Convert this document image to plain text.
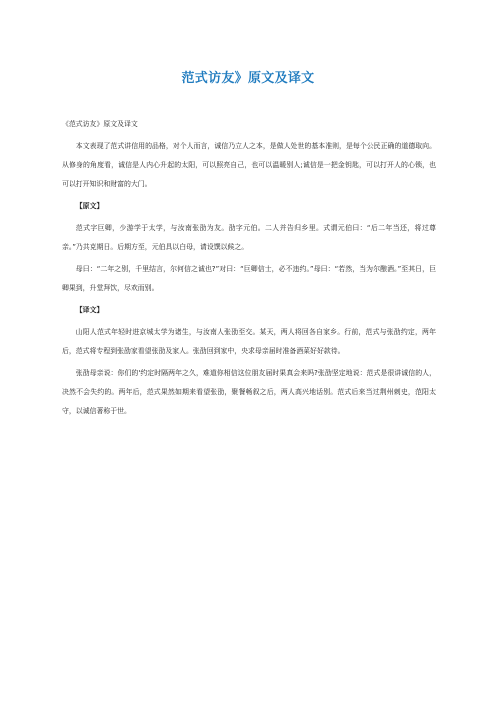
范式访友》原文及译文

《范式访友》原文及译文

本文表现了范式讲信用的品格，对个人而言，诚信乃立人之本，是做人处世的基本准则，是每个公民正确的道德取向。从修身的角度看，诚信是人内心升起的太阳，可以照亮自己，也可以温暖别人;诚信是一把金钥匙，可以打开人的心锁，也可以打开知识和财富的大门。

【原文】

范式字巨卿，少游学于太学，与汝南张劭为友。劭字元伯。二人并告归乡里。式谓元伯曰：“后二年当还，将过尊亲。”乃共克期日。后期方至，元伯具以白母，请设馔以候之。

母曰：“二年之别，千里结言，尔何信之诚也?”对曰：“巨卿信士，必不违约。”母曰：“若然，当为尔酿酒。”至其日，巨卿果到，升堂拜饮，尽欢而别。

【译文】

山阳人范式年轻时进京城太学为诸生，与汝南人张劭至交。某天，两人将回各自家乡。行前，范式与张劭约定，两年后，范式将专程到张劭家看望张劭及家人。张劭回到家中，央求母亲届时准备酒菜好好款待。

张劭母亲说：你们的'约定时隔两年之久，难道你相信这位朋友届时果真会来吗?张劭坚定地说：范式是很讲诚信的人，决然不会失约的。两年后，范式果然如期来看望张劭，聚餐畅叙之后，两人高兴地话别。范式后来当过荆州刺史，范阳太守，以诚信著称于世。
